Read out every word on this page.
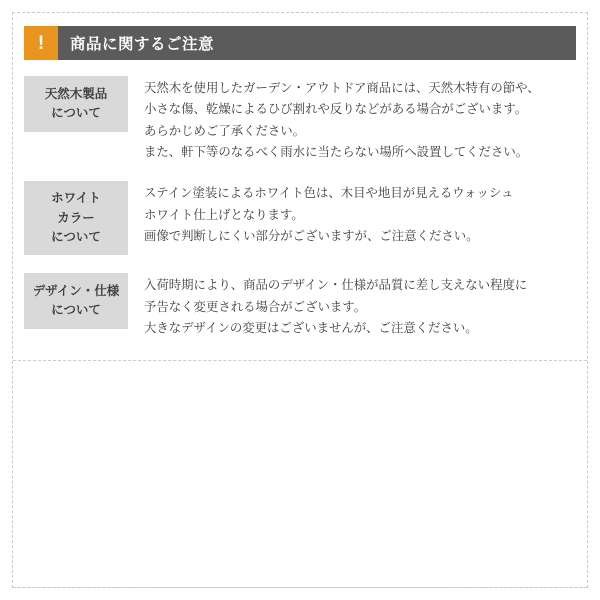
!	商品に関するご注意
天然木製品
について

天然木を使用したガーデン・アウトドア商品には、天然木特有の節や、

小さな傷、乾燥によるひび割れや反りなどがある場合がございます。

あらかじめご了承ください。

また、軒下等のなるべく雨水に当たらない場所へ設置してください。

ホワイト
カラー
について

ステイン塗装によるホワイト色は、木目や地目が見えるウォッシュ

ホワイト仕上げとなります。

画像で判断しにくい部分がございますが、ご注意ください。

デザイン・仕様
について

入荷時期により、商品のデザイン・仕様が品質に差し支えない程度に

予告なく変更される場合がございます。

大きなデザインの変更はございませんが、ご注意ください。
